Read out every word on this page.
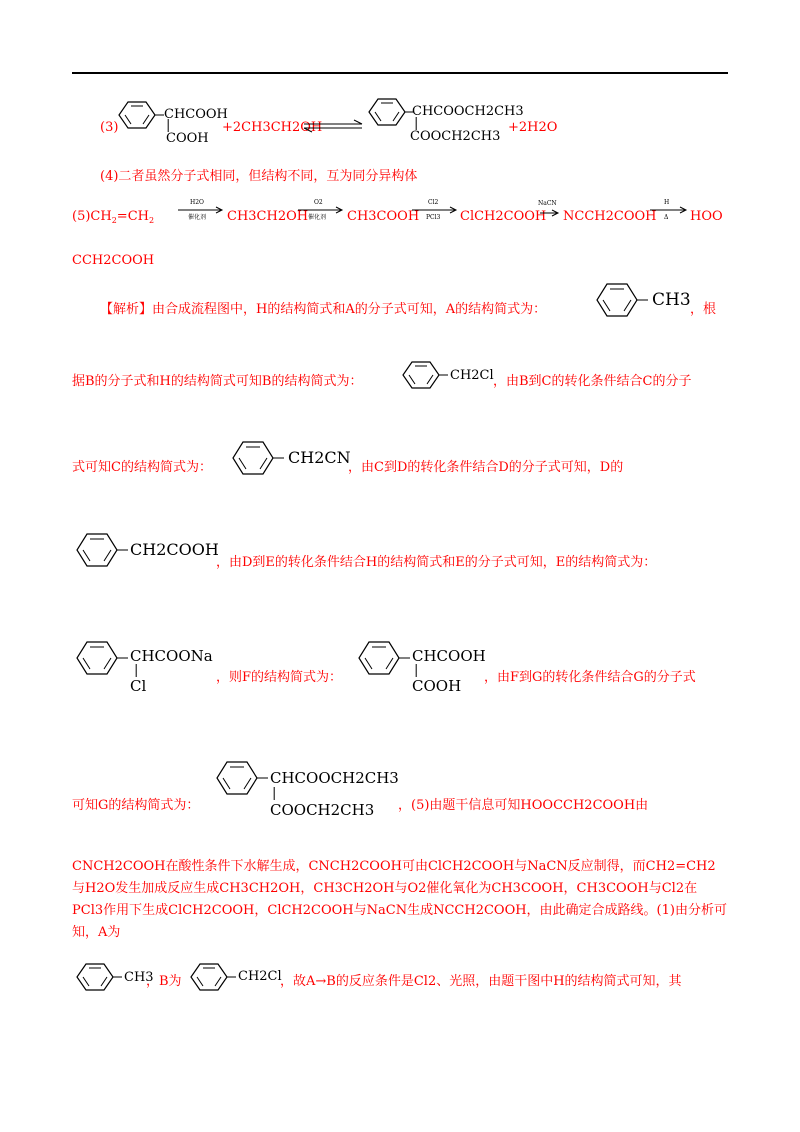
(3)
CHCOOH
|
COOH
+2CH3CH2OH
CHCOOCH2CH3
|
COOCH2CH3
+2H2O
(4)二者虽然分子式相同，但结构不同，互为同分异构体
$(5)CH_2=CH_2$
H2O
催化剂 CH3CH2OH
O2
催化剂 CH3COOH
Cl2
PCl3 ClCH2COOH
NaCN
NCCH2COOH
H
Δ HOO
CCH2COOH
【解析】由合成流程图中，H的结构简式和A的分子式可知，A的结构简式为：	CH3 ，根
据B的分子式和H的结构简式可知B的结构简式为：	CH2Cl ，由B到C的转化条件结合C的分子
式可知C的结构简式为：
CH2CN
，由C到D的转化条件结合D的分子式可知，D的
CH2COOH
，由D到E的转化条件结合H的结构简式和E的分子式可知，E的结构简式为：
CHCOONa
|
Cl	，则F的结构简式为：
CHCOOH
|
COOH ，由F到G的转化条件结合G的分子式
可知G的结构简式为：
CHCOOCH2CH3
|
COOCH2CH3 ，(5)由题干信息可知HOOCCH2COOH由
CNCH2COOH在酸性条件下水解生成，CNCH2COOH可由ClCH2COOH与NaCN反应制得，而CH2=CH2与H2O发生加成反应生成CH3CH2OH，CH3CH2OH与O2催化氧化为CH3COOH，CH3COOH与Cl2在PCl3作用下生成ClCH2COOH，ClCH2COOH与NaCN生成NCCH2COOH，由此确定合成路线。(1)由分析可知，A为
CH3
，B为	CH2Cl
，故A→B的反应条件是Cl2、光照，由题干图中H的结构简式可知，其
